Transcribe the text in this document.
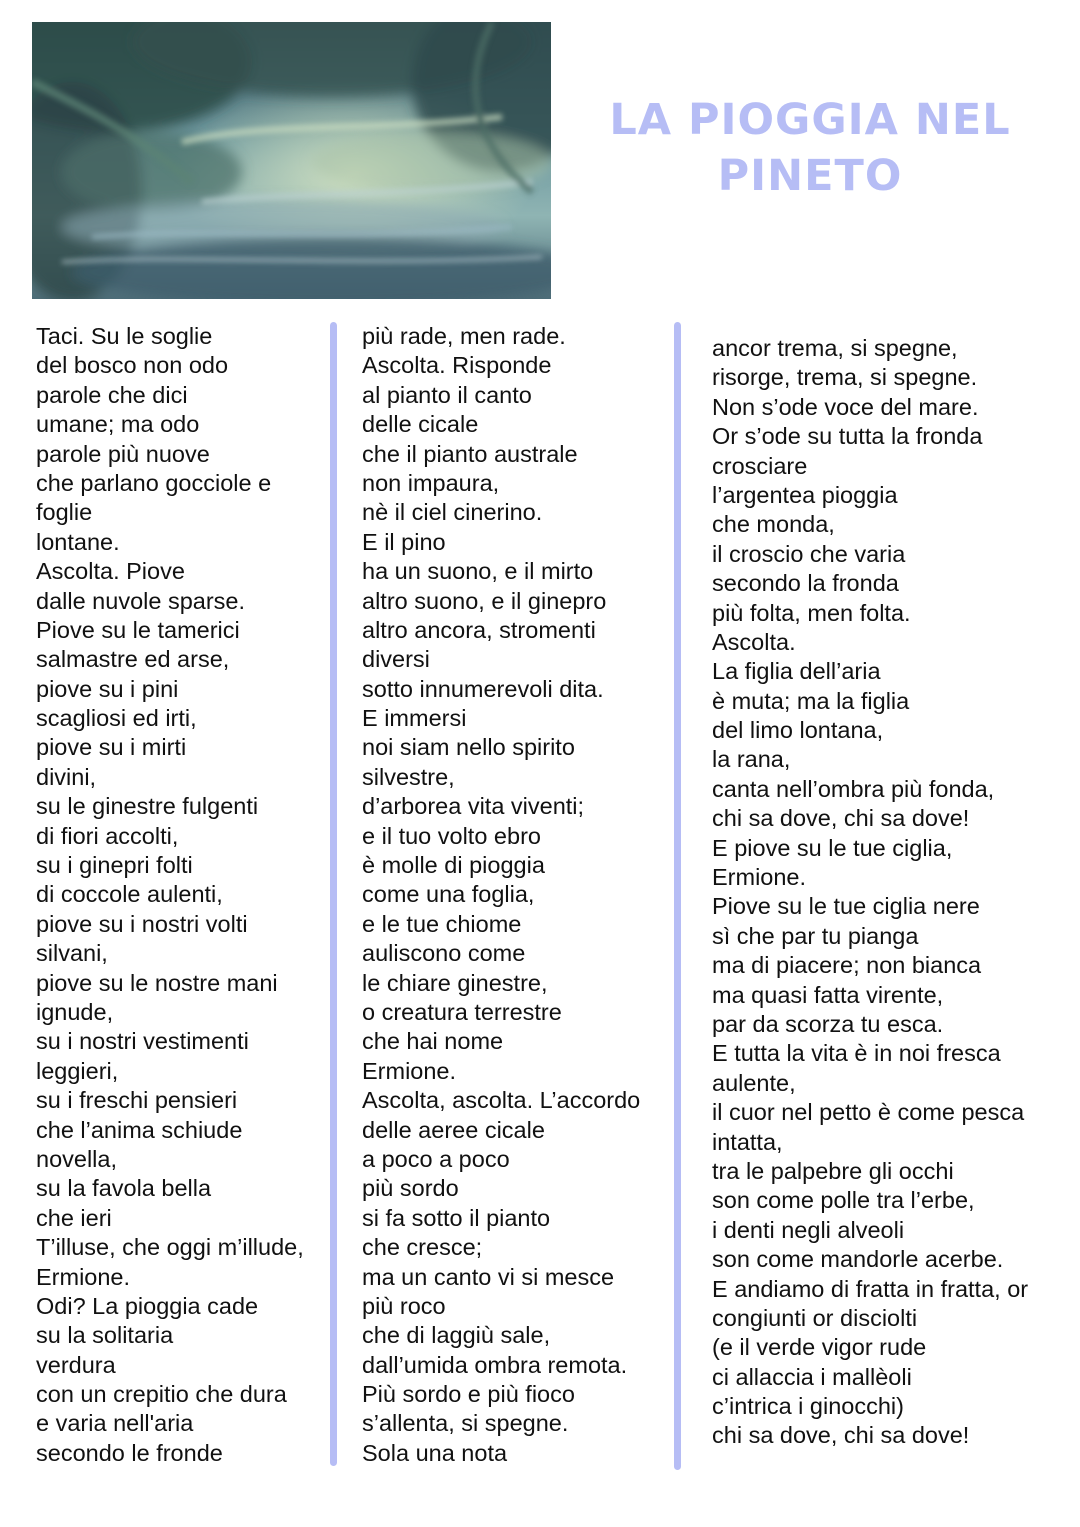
LA PIOGGIA NEL
PINETO
Taci. Su le soglie
del bosco non odo
parole che dici
umane; ma odo
parole più nuove
che parlano gocciole e
foglie
lontane.
Ascolta. Piove
dalle nuvole sparse.
Piove su le tamerici
salmastre ed arse,
piove su i pini
scagliosi ed irti,
piove su i mirti
divini,
su le ginestre fulgenti
di fiori accolti,
su i ginepri folti
di coccole aulenti,
piove su i nostri volti
silvani,
piove su le nostre mani
ignude,
su i nostri vestimenti
leggieri,
su i freschi pensieri
che l’anima schiude
novella,
su la favola bella
che ieri
T’illuse, che oggi m’illude,
Ermione.
Odi? La pioggia cade
su la solitaria
verdura
con un crepitio che dura
e varia nell'aria
secondo le fronde
più rade, men rade.
Ascolta. Risponde
al pianto il canto
delle cicale
che il pianto australe
non impaura,
nè il ciel cinerino.
E il pino
ha un suono, e il mirto
altro suono, e il ginepro
altro ancora, stromenti
diversi
sotto innumerevoli dita.
E immersi
noi siam nello spirito
silvestre,
d’arborea vita viventi;
e il tuo volto ebro
è molle di pioggia
come una foglia,
e le tue chiome
auliscono come
le chiare ginestre,
o creatura terrestre
che hai nome
Ermione.
Ascolta, ascolta. L’accordo
delle aeree cicale
a poco a poco
più sordo
si fa sotto il pianto
che cresce;
ma un canto vi si mesce
più roco
che di laggiù sale,
dall’umida ombra remota.
Più sordo e più fioco
s’allenta, si spegne.
Sola una nota
ancor trema, si spegne,
risorge, trema, si spegne.
Non s’ode voce del mare.
Or s’ode su tutta la fronda
crosciare
l’argentea pioggia
che monda,
il croscio che varia
secondo la fronda
più folta, men folta.
Ascolta.
La figlia dell’aria
è muta; ma la figlia
del limo lontana,
la rana,
canta nell’ombra più fonda,
chi sa dove, chi sa dove!
E piove su le tue ciglia,
Ermione.
Piove su le tue ciglia nere
sì che par tu pianga
ma di piacere; non bianca
ma quasi fatta virente,
par da scorza tu esca.
E tutta la vita è in noi fresca
aulente,
il cuor nel petto è come pesca
intatta,
tra le palpebre gli occhi
son come polle tra l’erbe,
i denti negli alveoli
son come mandorle acerbe.
E andiamo di fratta in fratta, or
congiunti or disciolti
(e il verde vigor rude
ci allaccia i mallèoli
c’intrica i ginocchi)
chi sa dove, chi sa dove!
